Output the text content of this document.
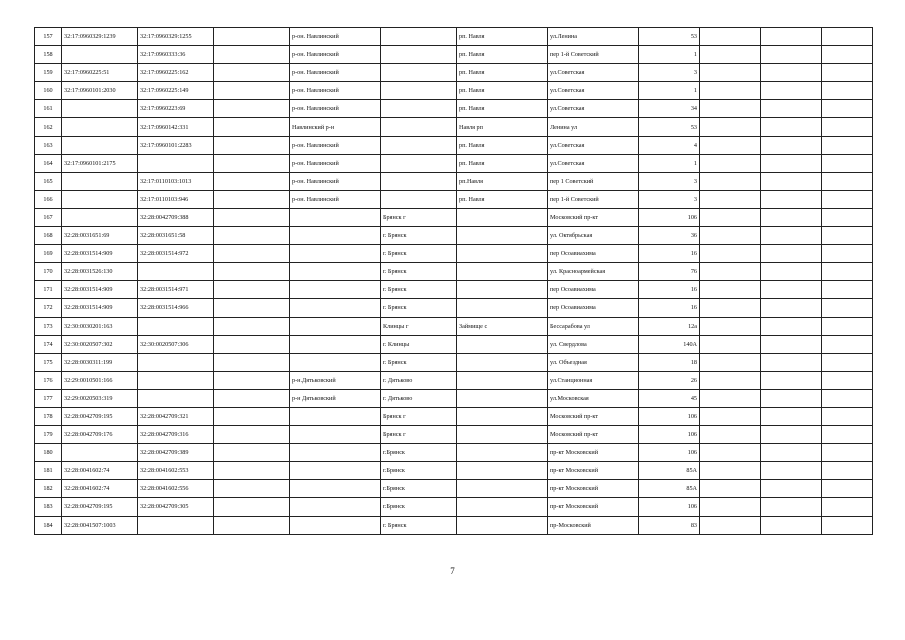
157	32:17:0960329:1239	32:17:0960329:1255		р-он. Навлинский		рп. Навля	ул.Ленина	53			
158		32:17:0960333:36		р-он. Навлинский		рп. Навля	пер 1-й Советский	1			
159	32:17:0960225:51	32:17:0960225:162		р-он. Навлинский		рп. Навля	ул.Советская	3			
160	32:17:0960101:2030	32:17:0960225:149		р-он. Навлинский		рп. Навля	ул.Советская	1			
161		32:17:0960223:69		р-он. Навлинский		рп. Навля	ул.Советская	34			
162		32:17:0960142:331		Навлинский р-н		Навля рп	Ленина ул	53			
163		32:17:0960101:2283		р-он. Навлинский		рп. Навля	ул.Советская	4			
164	32:17:0960101:2175			р-он. Навлинский		рп. Навля	ул.Советская	1			
165		32:17:0110103:1013		р-он. Навлинский		рп.Навля	пер 1 Советский	3			
166		32:17:0110103:946		р-он. Навлинский		рп. Навля	пер 1-й Советский	3			
167		32:28:0042709:388			Брянск г		Московский пр-кт	106			
168	32:28:0031651:69	32:28:0031651:58			г. Брянск		ул. Октябрьская	36			
169	32:28:0031514:909	32:28:0031514:972			г. Брянск		пер Осоавиахима	16			
170	32:28:0031526:130				г. Брянск		ул. Красноармейская	76			
171	32:28:0031514:909	32:28:0031514:971			г. Брянск		пер Осоавиахима	16			
172	32:28:0031514:909	32:28:0031514:966			г. Брянск		пер Осоавиахима	16			
173	32:30:0030201:163				Клинцы г	Займище с	Бессарабова ул	12а			
174	32:30:0020507:302	32:30:0020507:306			г. Клинцы		ул. Свердлова	140А			
175	32:28:0030311:199				г. Брянск		ул. Объездная	18			
176	32:29:0010501:166			р-н.Дятьковский	г. Дятьково		ул.Станционная	26			
177	32:29:0020503:319			р-н Дятьковский	г. Дятьково		ул.Московская	45			
178	32:28:0042709:195	32:28:0042709:321			Брянск г		Московский пр-кт	106			
179	32:28:0042709:176	32:28:0042709:316			Брянск г		Московский пр-кт	106			
180		32:28:0042709:389			г.Брянск		пр-кт Московский	106			
181	32:28:0041602:74	32:28:0041602:553			г.Брянск		пр-кт Московский	85А			
182	32:28:0041602:74	32:28:0041602:556			г.Брянск		пр-кт Московский	85А			
183	32:28:0042709:195	32:28:0042709:305			г.Брянск		пр-кт Московский	106			
184	32:28:0041507:1003				г. Брянск		пр-Московский	83			
7
